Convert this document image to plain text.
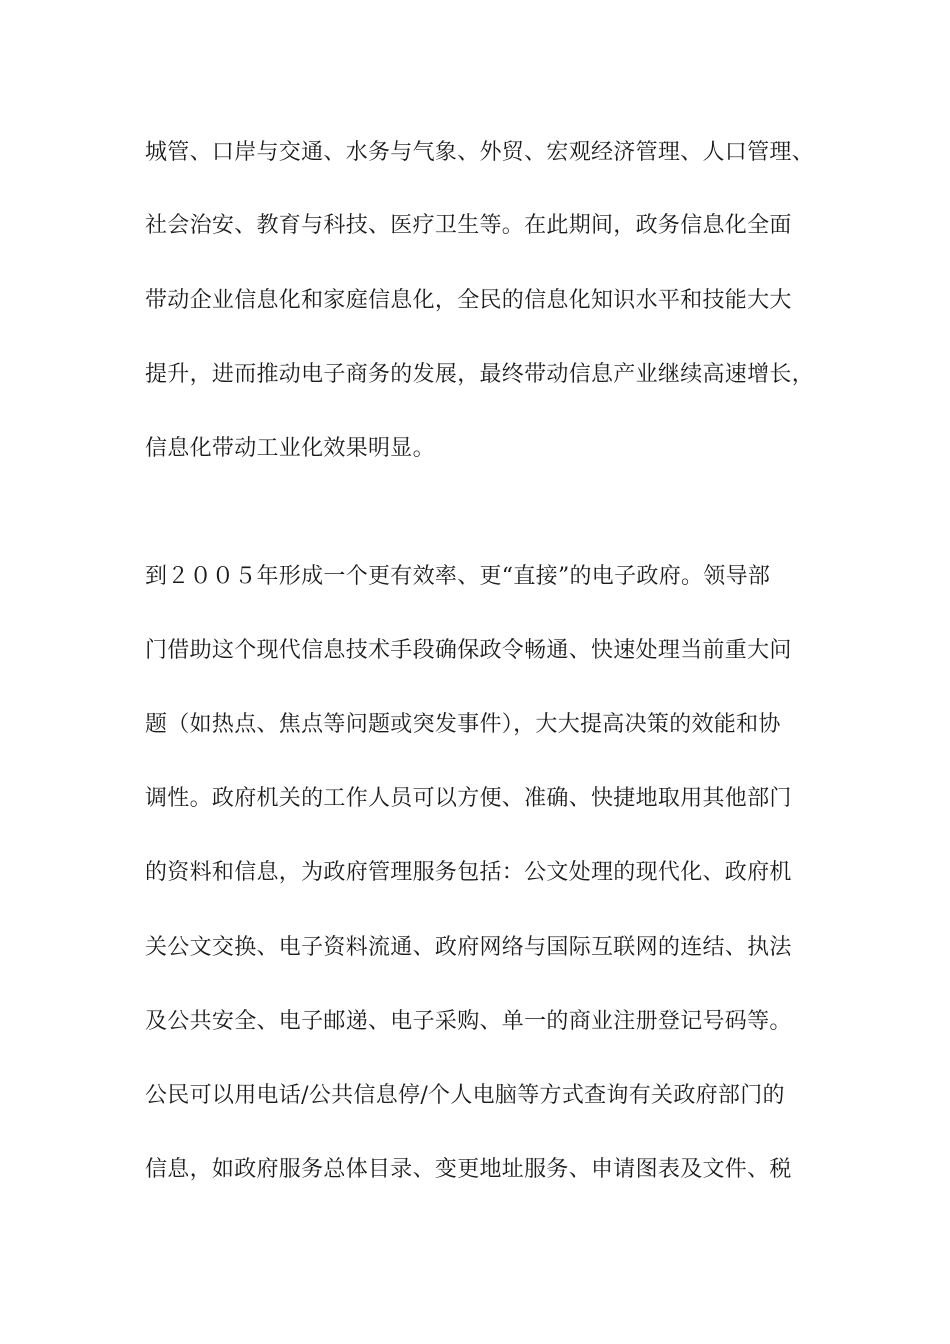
城管、口岸与交通、水务与气象、外贸、宏观经济管理、人口管理、
社会治安、教育与科技、医疗卫生等。在此期间，政务信息化全面
带动企业信息化和家庭信息化，全民的信息化知识水平和技能大大
提升，进而推动电子商务的发展，最终带动信息产业继续高速增长，
信息化带动工业化效果明显。
到２００５年形成一个更有效率、更“直接”的电子政府。领导部
门借助这个现代信息技术手段确保政令畅通、快速处理当前重大问
题（如热点、焦点等问题或突发事件），大大提高决策的效能和协
调性。政府机关的工作人员可以方便、准确、快捷地取用其他部门
的资料和信息，为政府管理服务包括：公文处理的现代化、政府机
关公文交换、电子资料流通、政府网络与国际互联网的连结、执法
及公共安全、电子邮递、电子采购、单一的商业注册登记号码等。
公民可以用电话/公共信息停/个人电脑等方式查询有关政府部门的
信息，如政府服务总体目录、变更地址服务、申请图表及文件、税
